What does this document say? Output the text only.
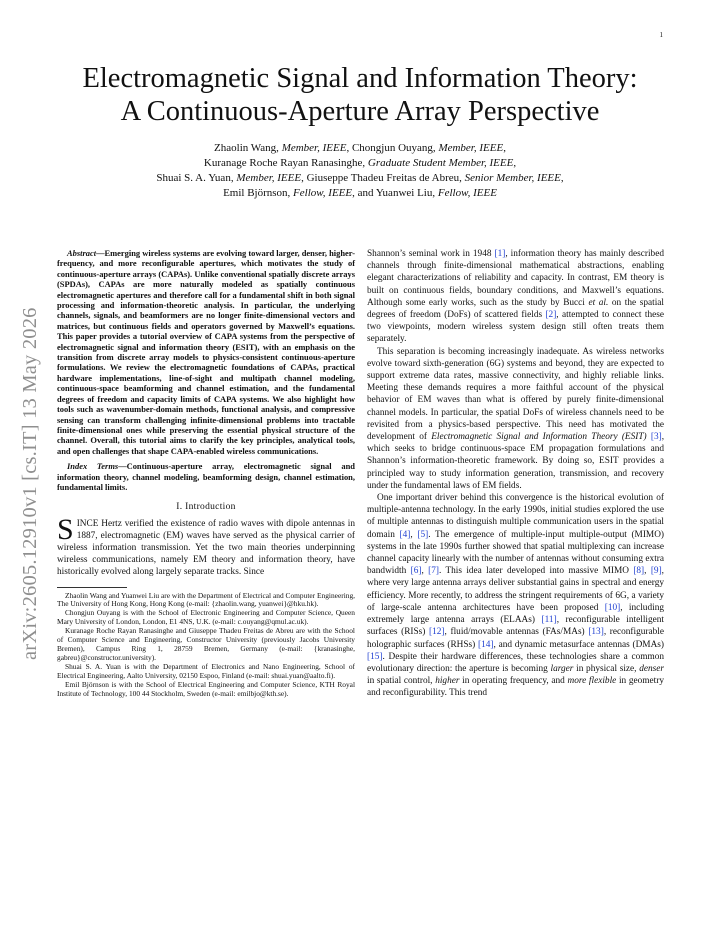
1
arXiv:2605.12910v1 [cs.IT] 13 May 2026
Electromagnetic Signal and Information Theory:
A Continuous-Aperture Array Perspective
Zhaolin Wang, Member, IEEE, Chongjun Ouyang, Member, IEEE,
Kuranage Roche Rayan Ranasinghe, Graduate Student Member, IEEE,
Shuai S. A. Yuan, Member, IEEE, Giuseppe Thadeu Freitas de Abreu, Senior Member, IEEE,
Emil Björnson, Fellow, IEEE, and Yuanwei Liu, Fellow, IEEE

Abstract—Emerging wireless systems are evolving toward larger, denser, higher-frequency, and more reconfigurable apertures, which motivates the study of continuous-aperture arrays (CAPAs). Unlike conventional spatially discrete arrays (SPDAs), CAPAs are more naturally modeled as spatially continuous electromagnetic apertures and therefore call for a fundamental shift in both signal processing and information-theoretic analysis. In particular, the underlying channels, signals, and beamformers are no longer finite-dimensional vectors and matrices, but continuous fields and operators governed by Maxwell’s equations. This paper provides a tutorial overview of CAPA systems from the perspective of electromagnetic signal and information theory (ESIT), with an emphasis on the transition from discrete array models to physics-consistent continuous-aperture formulations. We review the electromagnetic foundations of CAPAs, practical hardware implementations, line-of-sight and multipath channel modeling, continuous-space beamforming and channel estimation, and the fundamental degrees of freedom and capacity limits of CAPA systems. We also highlight how tools such as wavenumber-domain methods, functional analysis, and compressive sensing can transform challenging infinite-dimensional problems into tractable finite-dimensional ones while preserving the essential physical structure of the channel. Overall, this tutorial aims to clarify the key principles, analytical tools, and open challenges that shape CAPA-enabled wireless communications.

Index Terms—Continuous-aperture array, electromagnetic signal and information theory, channel modeling, beamforming design, channel estimation, fundamental limits.

I. Introduction

SINCE Hertz verified the existence of radio waves with dipole antennas in 1887, electromagnetic (EM) waves have served as the physical carrier of wireless information transmission. Yet the two main theories underpinning wireless communications, namely EM theory and information theory, have historically evolved along largely separate tracks. Since

Zhaolin Wang and Yuanwei Liu are with the Department of Electrical and Computer Engineering, The University of Hong Kong, Hong Kong (e-mail: {zhaolin.wang, yuanwei}@hku.hk).

Chongjun Ouyang is with the School of Electronic Engineering and Computer Science, Queen Mary University of London, London, E1 4NS, U.K. (e-mail: c.ouyang@qmul.ac.uk).

Kuranage Roche Rayan Ranasinghe and Giuseppe Thadeu Freitas de Abreu are with the School of Computer Science and Engineering, Constructor University (previously Jacobs University Bremen), Campus Ring 1, 28759 Bremen, Germany (e-mail: {kranasinghe, gabreu}@constructor.university).

Shuai S. A. Yuan is with the Department of Electronics and Nano Engineering, School of Electrical Engineering, Aalto University, 02150 Espoo, Finland (e-mail: shuai.yuan@aalto.fi).

Emil Björnson is with the School of Electrical Engineering and Computer Science, KTH Royal Institute of Technology, 100 44 Stockholm, Sweden (e-mail: emilbjo@kth.se).

Shannon’s seminal work in 1948 [1], information theory has mainly described channels through finite-dimensional mathematical abstractions, enabling elegant characterizations of reliability and capacity. In contrast, EM theory is built on continuous fields, boundary conditions, and Maxwell’s equations. Although some early works, such as the study by Bucci et al. on the spatial degrees of freedom (DoFs) of scattered fields [2], attempted to connect these two viewpoints, modern wireless system design still often treats them separately.

This separation is becoming increasingly inadequate. As wireless networks evolve toward sixth-generation (6G) systems and beyond, they are expected to support extreme data rates, massive connectivity, and highly reliable links. Meeting these demands requires a more faithful account of the physical behavior of EM waves than what is offered by purely finite-dimensional channel models. In particular, the spatial DoFs of wireless channels need to be revisited from a physics-based perspective. This need has motivated the development of Electromagnetic Signal and Information Theory (ESIT) [3], which seeks to bridge continuous-space EM propagation formulations and Shannon’s information-theoretic framework. By doing so, ESIT provides a principled way to study information generation, transmission, and recovery under the fundamental laws of EM fields.

One important driver behind this convergence is the historical evolution of multiple-antenna technology. In the early 1990s, initial studies explored the use of multiple antennas to distinguish multiple communication users in the spatial domain [4], [5]. The emergence of multiple-input multiple-output (MIMO) systems in the late 1990s further showed that spatial multiplexing can increase channel capacity linearly with the number of antennas without consuming extra bandwidth [6], [7]. This idea later developed into massive MIMO [8], [9], where very large antenna arrays deliver substantial gains in spectral and energy efficiency. More recently, to address the stringent requirements of 6G, a variety of large-scale antenna architectures have been proposed [10], including extremely large antenna arrays (ELAAs) [11], reconfigurable intelligent surfaces (RISs) [12], fluid/movable antennas (FAs/MAs) [13], reconfigurable holographic surfaces (RHSs) [14], and dynamic metasurface antennas (DMAs) [15]. Despite their hardware differences, these technologies share a common evolutionary direction: the aperture is becoming larger in physical size, denser in spatial control, higher in operating frequency, and more flexible in geometry and reconfigurability. This trend
